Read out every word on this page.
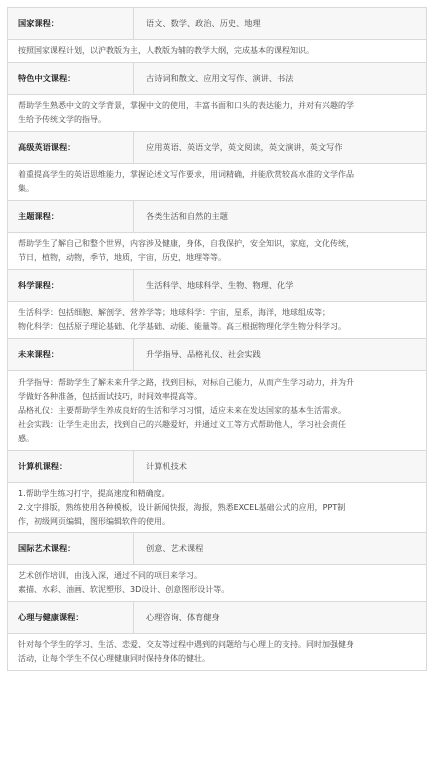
国家课程：	语文、数学、政治、历史、地理

按照国家课程计划，以沪教版为主，人教版为辅的教学大纲，完成基本的课程知识。	

特色中文课程：	古诗词和散文、应用文写作、演讲、书法

帮助学生熟悉中文的文学背景，掌握中文的使用，丰富书面和口头的表达能力，并对有兴趣的学
生给予传统文学的指导。	

高级英语课程：	应用英语、英语文学，英文阅读，英文演讲，英文写作

着重提高学生的英语思维能力，掌握论述文写作要求，用词精确，并能欣赏较高水准的文学作品
集。	

主题课程：	各类生活和自然的主题

帮助学生了解自己和整个世界，内容涉及健康，身体，自我保护，安全知识，家庭，文化传统，
节日，植物，动物，季节，地质，宇宙，历史，地理等等。	

科学课程：	生活科学、地球科学、生物、物理、化学

生活科学：包括细胞、解剖学、营养学等；地球科学：宇宙，星系，海洋，地球组成等；
物化科学：包括原子理论基础、化学基础、动能、能量等。高三根据物理化学生物分科学习。	

未来课程：	升学指导、品格礼仪、社会实践

升学指导：帮助学生了解未来升学之路，找到目标，对标自己能力，从而产生学习动力，并为升
学做好各种准备，包括面试技巧，时间效率提高等。
品格礼仪：主要帮助学生养成良好的生活和学习习惯，适应未来在发达国家的基本生活需求。
社会实践：让学生走出去，找到自己的兴趣爱好，并通过义工等方式帮助他人，学习社会责任
感。	

计算机课程：	计算机技术

1.帮助学生练习打字，提高速度和精确度。
2.文字排版，熟练使用各种模板，设计新闻快报，海报，熟悉EXCEL基础公式的应用，PPT制
作，初级网页编辑，图形编辑软件的使用。	

国际艺术课程：	创意、艺术课程

艺术创作培训，由浅入深，通过不同的项目来学习。
素描、水彩、油画、软泥塑形、3D设计、创意图形设计等。	

心理与健康课程：	心理咨询、体育健身

针对每个学生的学习、生活、恋爱、交友等过程中遇到的问题给与心理上的支持。同时加强健身
活动，让每个学生不仅心理健康同时保持身体的健壮。	
